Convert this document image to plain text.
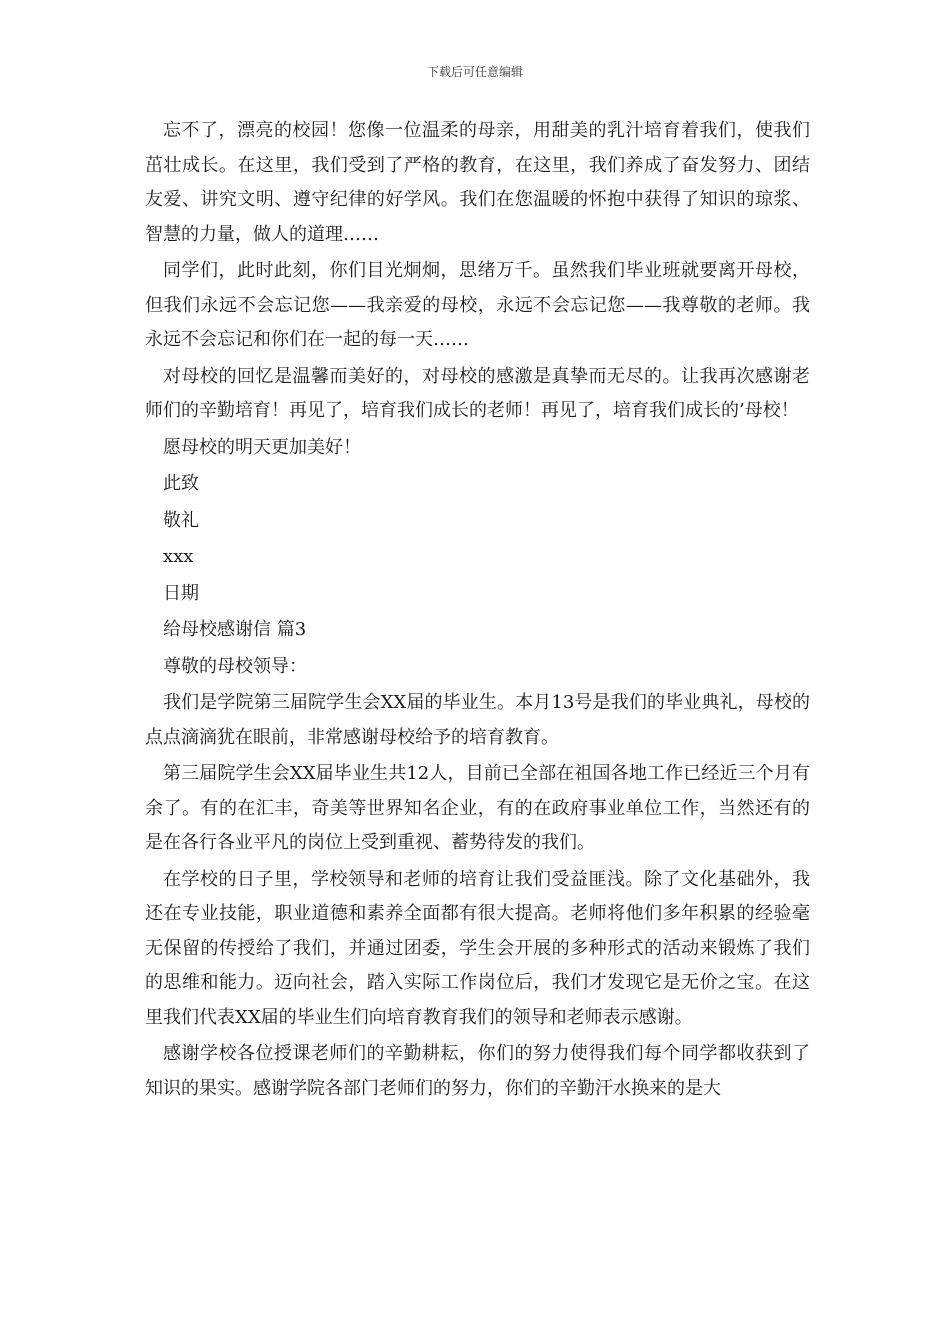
下载后可任意编辑

忘不了，漂亮的校园！您像一位温柔的母亲，用甜美的乳汁培育着我们，使我们茁壮成长。在这里，我们受到了严格的教育，在这里，我们养成了奋发努力、团结友爱、讲究文明、遵守纪律的好学风。我们在您温暖的怀抱中获得了知识的琼浆、智慧的力量，做人的道理……

同学们，此时此刻，你们目光炯炯，思绪万千。虽然我们毕业班就要离开母校，但我们永远不会忘记您——我亲爱的母校，永远不会忘记您——我尊敬的老师。我永远不会忘记和你们在一起的每一天……

对母校的回忆是温馨而美好的，对母校的感激是真挚而无尽的。让我再次感谢老师们的辛勤培育！再见了，培育我们成长的老师！再见了，培育我们成长的’母校！

愿母校的明天更加美好！

此致

敬礼

xxx

日期

给母校感谢信 篇3

尊敬的母校领导：

我们是学院第三届院学生会XX届的毕业生。本月13号是我们的毕业典礼，母校的点点滴滴犹在眼前，非常感谢母校给予的培育教育。

第三届院学生会XX届毕业生共12人，目前已全部在祖国各地工作已经近三个月有余了。有的在汇丰，奇美等世界知名企业，有的在政府事业单位工作，当然还有的是在各行各业平凡的岗位上受到重视、蓄势待发的我们。

在学校的日子里，学校领导和老师的培育让我们受益匪浅。除了文化基础外，我还在专业技能，职业道德和素养全面都有很大提高。老师将他们多年积累的经验毫无保留的传授给了我们，并通过团委，学生会开展的多种形式的活动来锻炼了我们的思维和能力。迈向社会，踏入实际工作岗位后，我们才发现它是无价之宝。在这里我们代表XX届的毕业生们向培育教育我们的领导和老师表示感谢。

感谢学校各位授课老师们的辛勤耕耘，你们的努力使得我们每个同学都收获到了知识的果实。感谢学院各部门老师们的努力，你们的辛勤汗水换来的是大
